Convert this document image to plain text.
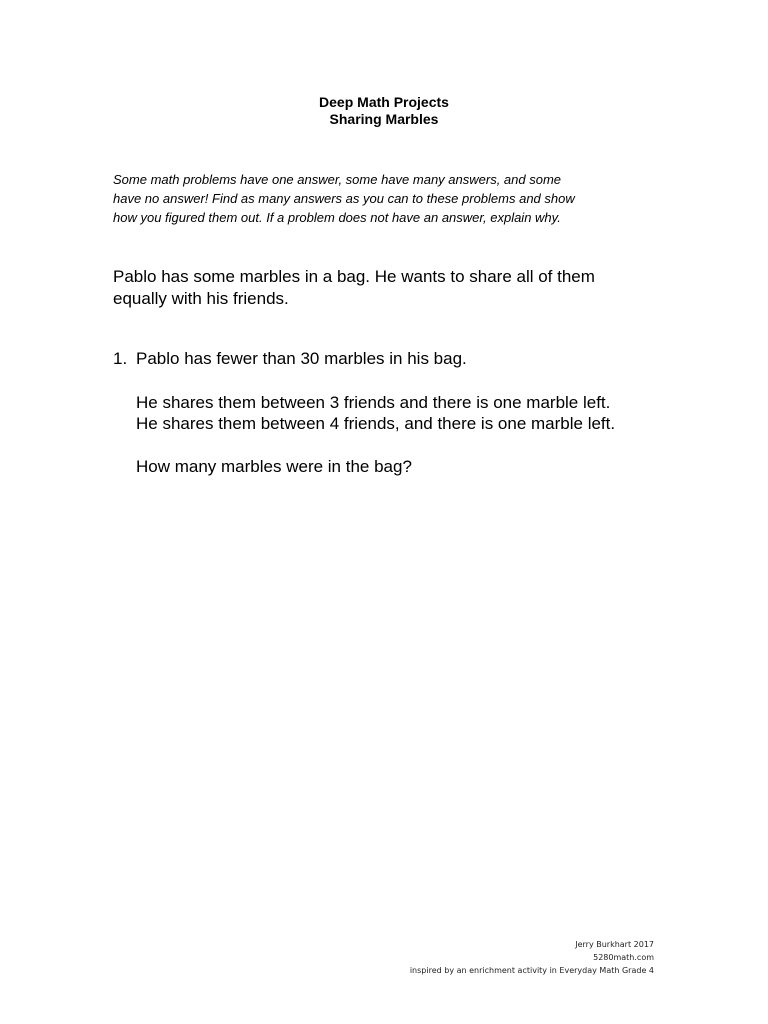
Deep Math Projects
Sharing Marbles

Some math problems have one answer, some have many answers, and some
have no answer! Find as many answers as you can to these problems and show
how you figured them out. If a problem does not have an answer, explain why.

Pablo has some marbles in a bag. He wants to share all of them
equally with his friends.

1. Pablo has fewer than 30 marbles in his bag.
He shares them between 3 friends and there is one marble left.
He shares them between 4 friends, and there is one marble left.
How many marbles were in the bag?
Jerry Burkhart 2017
5280math.com
inspired by an enrichment activity in Everyday Math Grade 4
